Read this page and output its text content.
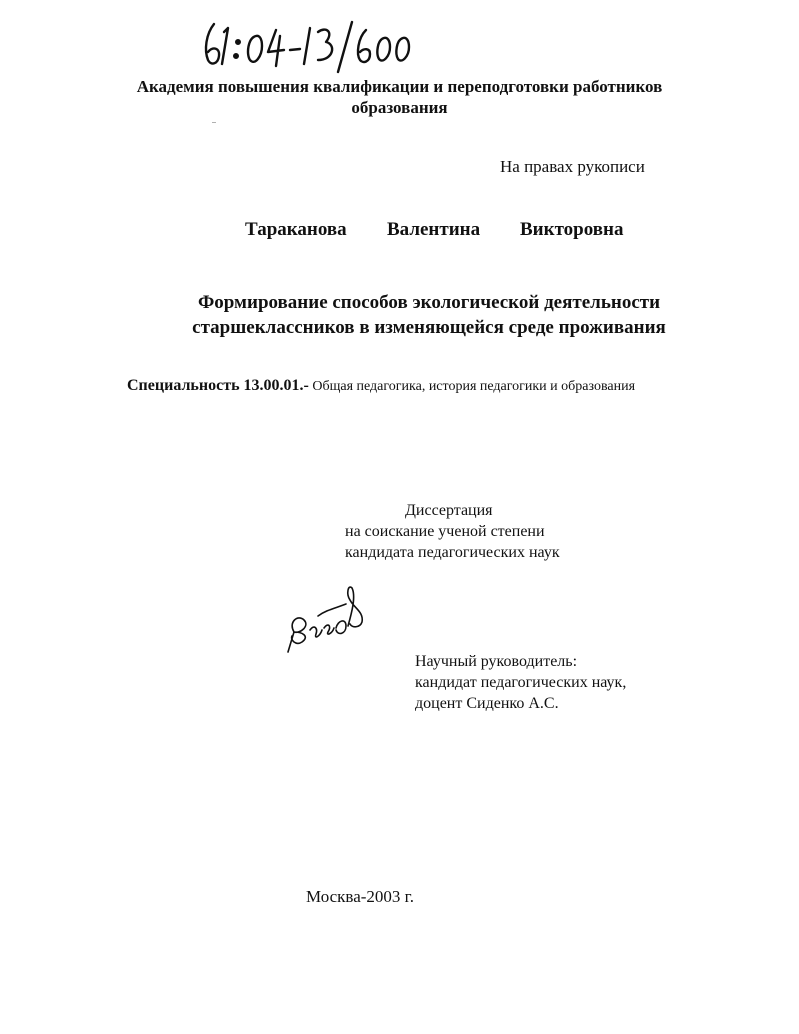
Академия повышения квалификации и переподготовки работников
образования
На правах рукописи
Тараканова Валентина Викторовна
Формирование способов экологической деятельности
старшеклассников в изменяющейся среде проживания
Специальность 13.00.01.- Общая педагогика, история педагогики и образования
Диссертация
на соискание ученой степени
кандидата педагогических наук
Научный руководитель:
кандидат педагогических наук,
доцент Сиденко А.С.
Москва-2003 г.
